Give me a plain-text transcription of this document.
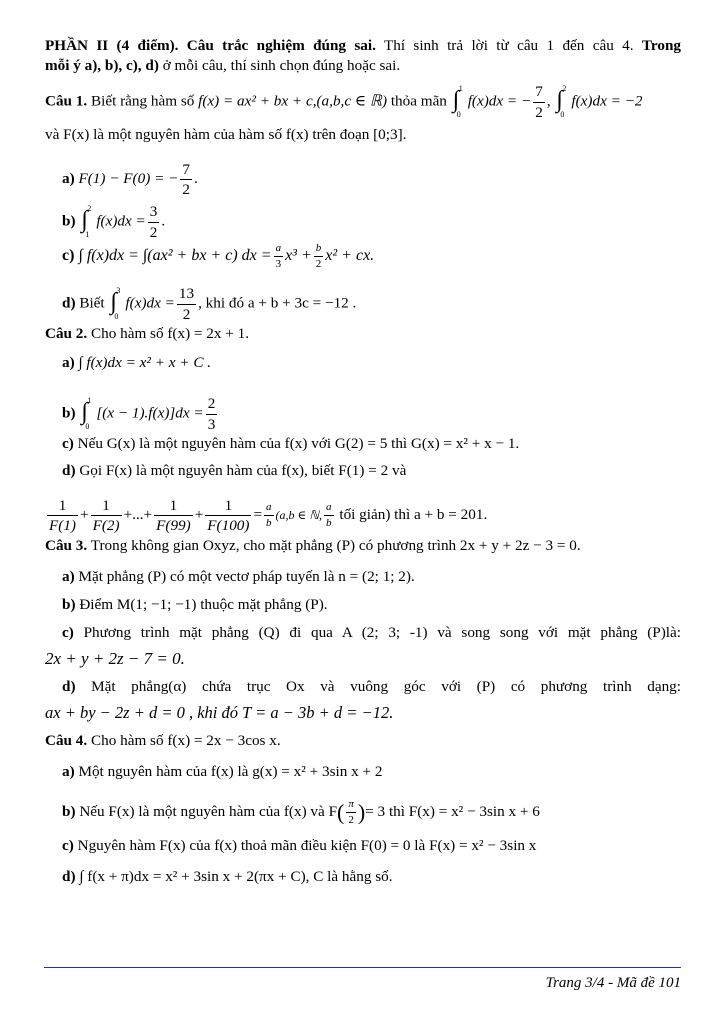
PHẦN II (4 điểm). Câu trắc nghiệm đúng sai. Thí sinh trả lời từ câu 1 đến câu 4. Trong
mỗi ý a), b), c), d) ở mỗi câu, thí sinh chọn đúng hoặc sai.
Câu 1. Biết rằng hàm số f(x) = ax² + bx + c,(a,b,c ∈ ℝ) thỏa mãn ∫ 1
0
f(x)dx = − $\frac{7}{2}$ , ∫ 2
0
f(x)dx = −2
và F(x) là một nguyên hàm của hàm số f(x) trên đoạn [0;3].
a) F(1) − F(0) = − $\frac{7}{2}$ .
b) ∫ 2
1
$f(x)dx = \frac{3}{2}$ .
c) ∫ f(x)dx = ∫(ax² + bx + c) dx = $\frac{a}{3} x^3 + \frac{b}{2} x^2$ + cx.
d) Biết ∫ 3
0
$f(x)dx = \frac{13}{2}$ , khi đó a + b + 3c = −12 .
Câu 2. Cho hàm số f(x) = 2x + 1.
a) ∫ f(x)dx = x² + x + C .
b) ∫ 1
0
$[(x - 1).f(x)]dx = \frac{2}{3}$
c) Nếu G(x) là một nguyên hàm của f(x) với G(2) = 5 thì G(x) = x² + x − 1.
d) Gọi F(x) là một nguyên hàm của f(x), biết F(1) = 2 và
$\frac{1}{F(1)} + \frac{1}{F(2)}$ +...+ $\frac{1}{F(99)} + \frac{1}{F(100)} = \frac{a}{b} (a,b$ ∈ ℕ, $\frac{a}{b}$ tối giản) thì a + b = 201.
Câu 3. Trong không gian Oxyz, cho mặt phẳng (P) có phương trình 2x + y + 2z − 3 = 0.
a) Mặt phẳng (P) có một vectơ pháp tuyến là n = (2; 1; 2).
b) Điểm M(1; −1; −1) thuộc mặt phẳng (P).
c) Phương trình mặt phẳng (Q) đi qua A (2; 3; -1) và song song với mặt phẳng (P)là:
2x + y + 2z − 7 = 0.
d) Mặt phẳng(α) chứa trục Ox và vuông góc với (P) có phương trình dạng:
ax + by − 2z + d = 0 , khi đó T = a − 3b + d = −12.
Câu 4. Cho hàm số f(x) = 2x − 3cos x.
a) Một nguyên hàm của f(x) là g(x) = x² + 3sin x + 2
b) Nếu F(x) là một nguyên hàm của f(x) và $F( \frac{\pi}{2}$ )= 3 thì F(x) = x² − 3sin x + 6
c) Nguyên hàm F(x) của f(x) thoả mãn điều kiện F(0) = 0 là F(x) = x² − 3sin x
d) ∫ f(x + π)dx = x² + 3sin x + 2(πx + C), C là hằng số.
Trang 3/4 - Mã đề 101
